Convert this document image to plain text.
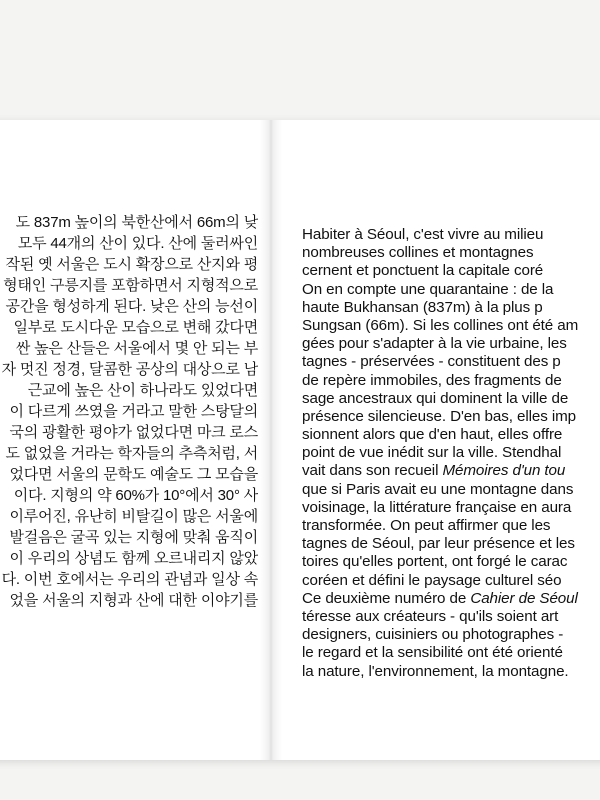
도 837m 높이의 북한산에서 66m의 낮
모두 44개의 산이 있다. 산에 둘러싸인
작된 옛 서울은 도시 확장으로 산지와 평
형태인 구릉지를 포함하면서 지형적으로
공간을 형성하게 된다. 낮은 산의 능선이
일부로 도시다운 모습으로 변해 갔다면
싼 높은 산들은 서울에서 몇 안 되는 부
자 멋진 정경, 달콤한 공상의 대상으로 남
근교에 높은 산이 하나라도 있었다면
이 다르게 쓰였을 거라고 말한 스탕달의
국의 광활한 평야가 없었다면 마크 로스
도 없었을 거라는 학자들의 추측처럼, 서
었다면 서울의 문학도 예술도 그 모습을
이다. 지형의 약 60%가 10°에서 30° 사
이루어진, 유난히 비탈길이 많은 서울에
발걸음은 굴곡 있는 지형에 맞춰 움직이
이 우리의 상념도 함께 오르내리지 않았
다. 이번 호에서는 우리의 관념과 일상 속
었을 서울의 지형과 산에 대한 이야기를
Habiter à Séoul, c'est vivre au milieu
nombreuses collines et montagnes
cernent et ponctuent la capitale coré
On en compte une quarantaine : de la
haute Bukhansan (837m) à la plus p
Sungsan (66m). Si les collines ont été am
gées pour s'adapter à la vie urbaine, les
tagnes - préservées - constituent des p
de repère immobiles, des fragments de
sage ancestraux qui dominent la ville de
présence silencieuse. D'en bas, elles imp
sionnent alors que d'en haut, elles offre
point de vue inédit sur la ville. Stendhal
vait dans son recueil Mémoires d'un tou
que si Paris avait eu une montagne dans
voisinage, la littérature française en aura
transformée. On peut affirmer que les
tagnes de Séoul, par leur présence et les
toires qu'elles portent, ont forgé le carac
coréen et défini le paysage culturel séo
Ce deuxième numéro de Cahier de Séoul
téresse aux créateurs - qu'ils soient art
designers, cuisiniers ou photographes -
le regard et la sensibilité ont été orienté
la nature, l'environnement, la montagne.
